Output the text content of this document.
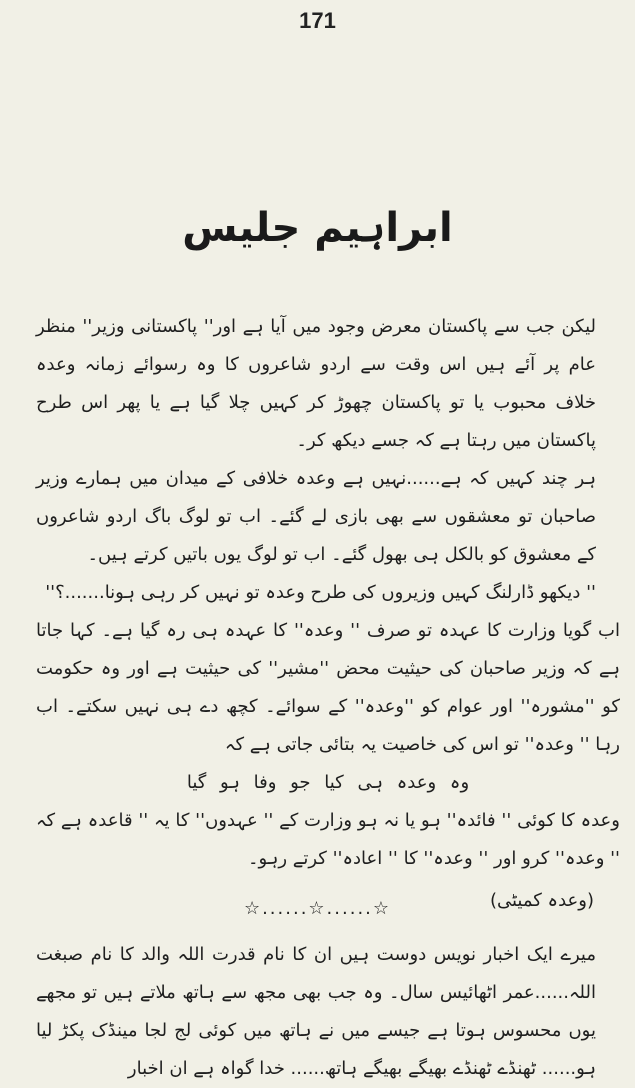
171
ابراہیم جلیس

لیکن جب سے پاکستان معرض وجود میں آیا ہے اور'' پاکستانی وزیر'' منظر عام پر آئے ہیں اس وقت سے اردو شاعروں کا وہ رسوائے زمانہ وعدہ خلاف محبوب یا تو پاکستان چھوڑ کر کہیں چلا گیا ہے یا پھر اس طرح پاکستان میں رہتا ہے کہ جسے دیکھ کر۔

ہر چند کہیں کہ ہے......نہیں ہے وعدہ خلافی کے میدان میں ہمارے وزیر صاحبان تو معشقوں سے بھی بازی لے گئے۔ اب تو لوگ باگ اردو شاعروں کے معشوق کو بالکل ہی بھول گئے۔ اب تو لوگ یوں باتیں کرتے ہیں۔

'' دیکھو ڈارلنگ کہیں وزیروں کی طرح وعدہ تو نہیں کر رہی ہونا.......؟''

اب گویا وزارت کا عہدہ تو صرف '' وعدہ'' کا عہدہ ہی رہ گیا ہے۔ کہا جاتا ہے کہ وزیر صاحبان کی حیثیت محض ''مشیر'' کی حیثیت ہے اور وہ حکومت کو ''مشورہ'' اور عوام کو ''وعدہ'' کے سوائے۔ کچھ دے ہی نہیں سکتے۔ اب رہا '' وعدہ'' تو اس کی خاصیت یہ بتائی جاتی ہے کہ

وہ وعدہ ہی کیا جو وفا ہو گیا

وعدہ کا کوئی '' فائدہ'' ہو یا نہ ہو وزارت کے '' عہدوں'' کا یہ '' قاعدہ ہے کہ '' وعدہ'' کرو اور '' وعدہ'' کا '' اعادہ'' کرتے رہو۔

(وعدہ کمیٹی)

☆......☆......☆

میرے ایک اخبار نویس دوست ہیں ان کا نام قدرت اللہ والد کا نام صبغت اللہ......عمر اٹھائیس سال۔ وہ جب بھی مجھ سے ہاتھ ملاتے ہیں تو مجھے یوں محسوس ہوتا ہے جیسے میں نے ہاتھ میں کوئی لج لجا مینڈک پکڑ لیا ہو...... ٹھنڈے ٹھنڈے بھیگے بھیگے ہاتھ...... خدا گواہ ہے ان اخبار
